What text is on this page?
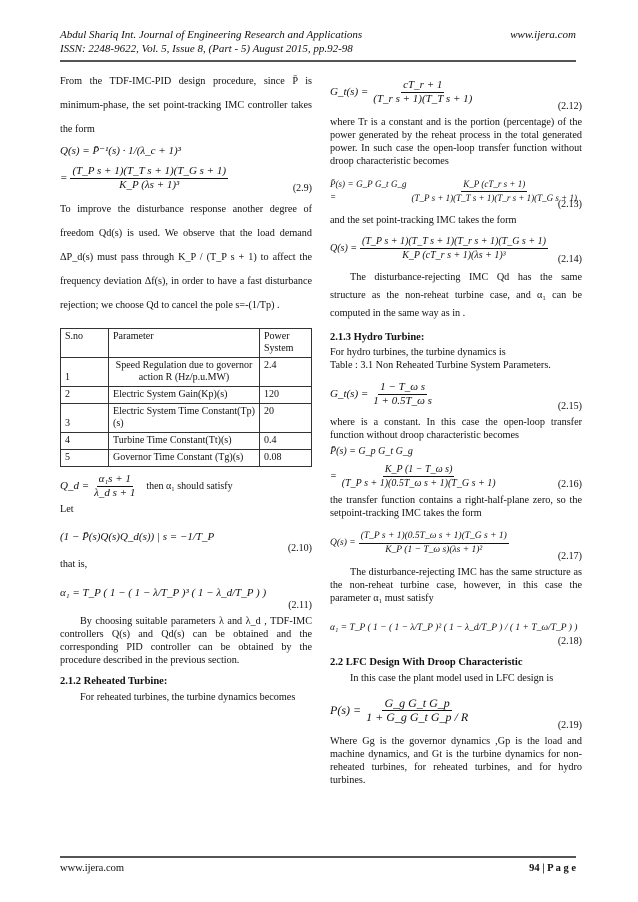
Abdul Shariq Int. Journal of Engineering Research and Applications	www.ijera.com
ISSN: 2248-9622, Vol. 5, Issue 8, (Part - 5) August 2015, pp.92-98

From the TDF-IMC-PID design procedure, since P̄ is minimum-phase, the set point-tracking IMC controller takes the form

Q(s) = P̄⁻¹(s) · 1/(λ_c + 1)³
= $\frac{\text{(T\_P s + 1)(T\_T s + 1)(T\_G s + 1)}}{\text{K\_P (λs + 1)³}}$	(2.9)

To improve the disturbance response another degree of freedom Qd(s) is used. We observe that the load demand ΔP_d(s) must pass through K_P / (T_P s + 1) to affect the frequency deviation Δf(s), in order to have a fast disturbance rejection; we choose Qd to cancel the pole s=-(1/Tp) .

S.no	Parameter	Power System
1	Speed Regulation due to governor action R (Hz/p.u.MW)	2.4
2	Electric System Gain(Kp)(s)	120
3	Electric System Time Constant(Tp)(s)	20
4	Turbine Time Constant(Tt)(s)	0.4
5	Governor Time Constant (Tg)(s)	0.08
Q_d = $\frac{\text{α₁s + 1}}{\text{λ\_d s + 1}}$ then α₁ should satisfy

Let

(1 − P̄(s)Q(s)Q_d(s)) | s = −1/T_P
(2.10)

that is,

α₁ = T_P ( 1 − ( 1 − λ/T_P )³ ( 1 − λ_d/T_P ) )
(2.11)

By choosing suitable parameters λ and λ_d , TDF-IMC controllers Q(s) and Qd(s) can be obtained and the corresponding PID controller can be obtained by the procedure described in the previous section.

2.1.2 Reheated Turbine:

For reheated turbines, the turbine dynamics becomes

G_t(s) = $\frac{cT\_r + 1}{\text{(T\_r s + 1)(T\_T s + 1)}}$
(2.12)

where Tr is a constant and is the portion (percentage) of the power generated by the reheat process in the total generated power. In such case the open-loop transfer function without droop characteristic becomes

P̄(s) = G_P G_t G_g =	$\frac{\text{K\_P (cT\_r s + 1)}}{\text{(T\_P s + 1)(T\_T s + 1)(T\_r s + 1)(T\_G s + 1)}}$
(2.13)

and the set point-tracking IMC takes the form

$Q(s) = \frac{\text{(T\_P s + 1)(T\_T s + 1)(T\_r s + 1)(T\_G s + 1)}}{\text{K\_P (cT\_r s + 1)(λs + 1)³}} (2.14)$

The disturbance-rejecting IMC Qd has the same structure as the non-reheat turbine case, and α₁ can be computed in the same way as in .

2.1.3 Hydro Turbine:

For hydro turbines, the turbine dynamics is

Table : 3.1 Non Reheated Turbine System Parameters.

G_t(s) = $\frac{\text{1 − T\_ω s}}{\text{1 + 0.5T\_ω s}}$	(2.15)

where is a constant. In this case the open-loop transfer function without droop characteristic becomes

P̄(s) = G_p G_t G_g
= $\frac{\text{K\_P (1 − T\_ω s)}}{\text{(T\_P s + 1)(0.5T\_ω s + 1)(T\_G s + 1)}}$	(2.16)

the transfer function contains a right-half-plane zero, so the setpoint-tracking IMC takes the form

$Q(s) = \frac{\text{(T\_P s + 1)(0.5T\_ω s + 1)(T\_G s + 1)}}{\text{K\_P (1 − T\_ω s)(λs + 1)²}}$	(2.17)

The disturbance-rejecting IMC has the same structure as the non-reheat turbine case, however, in this case the parameter α₁ must satisfy

α₁ = T_P ( 1 − ( 1 − λ/T_P )² ( 1 − λ_d/T_P ) / ( 1 + T_ω/T_P ) )
(2.18)
2.2 LFC Design With Droop Characteristic

In this case the plant model used in LFC design is

$P(s) = \frac{\text{G\_g G\_t G\_p}}{\text{1 + G\_g G\_t G\_p / R}}$
(2.19)

Where Gg is the governor dynamics ,Gp is the load and machine dynamics, and Gt is the turbine dynamics for non-reheated turbines, for reheated turbines, and for hydro turbines.

www.ijera.com	94 | P a g e
